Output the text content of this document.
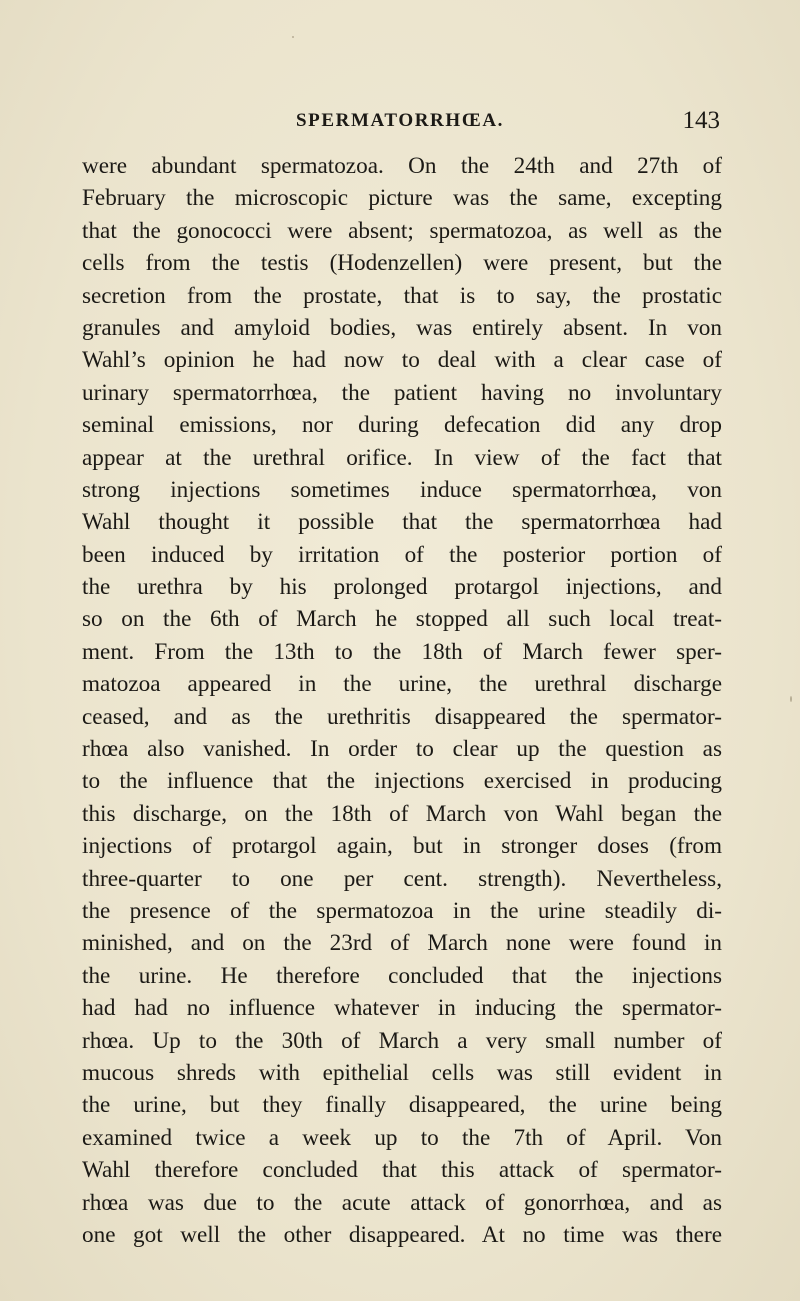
SPERMATORRHŒA.	143
were abundant spermatozoa. On the 24th and 27th of
February the microscopic picture was the same, excepting
that the gonococci were absent; spermatozoa, as well as the
cells from the testis (Hodenzellen) were present, but the
secretion from the prostate, that is to say, the prostatic
granules and amyloid bodies, was entirely absent. In von
Wahl’s opinion he had now to deal with a clear case of
urinary spermatorrhœa, the patient having no involuntary
seminal emissions, nor during defecation did any drop
appear at the urethral orifice. In view of the fact that
strong injections sometimes induce spermatorrhœa, von
Wahl thought it possible that the spermatorrhœa had
been induced by irritation of the posterior portion of
the urethra by his prolonged protargol injections, and
so on the 6th of March he stopped all such local treat-
ment. From the 13th to the 18th of March fewer sper-
matozoa appeared in the urine, the urethral discharge
ceased, and as the urethritis disappeared the spermator-
rhœa also vanished. In order to clear up the question as
to the influence that the injections exercised in producing
this discharge, on the 18th of March von Wahl began the
injections of protargol again, but in stronger doses (from
three-quarter to one per cent. strength). Nevertheless,
the presence of the spermatozoa in the urine steadily di-
minished, and on the 23rd of March none were found in
the urine. He therefore concluded that the injections
had had no influence whatever in inducing the spermator-
rhœa. Up to the 30th of March a very small number of
mucous shreds with epithelial cells was still evident in
the urine, but they finally disappeared, the urine being
examined twice a week up to the 7th of April. Von
Wahl therefore concluded that this attack of spermator-
rhœa was due to the acute attack of gonorrhœa, and as
one got well the other disappeared. At no time was there
